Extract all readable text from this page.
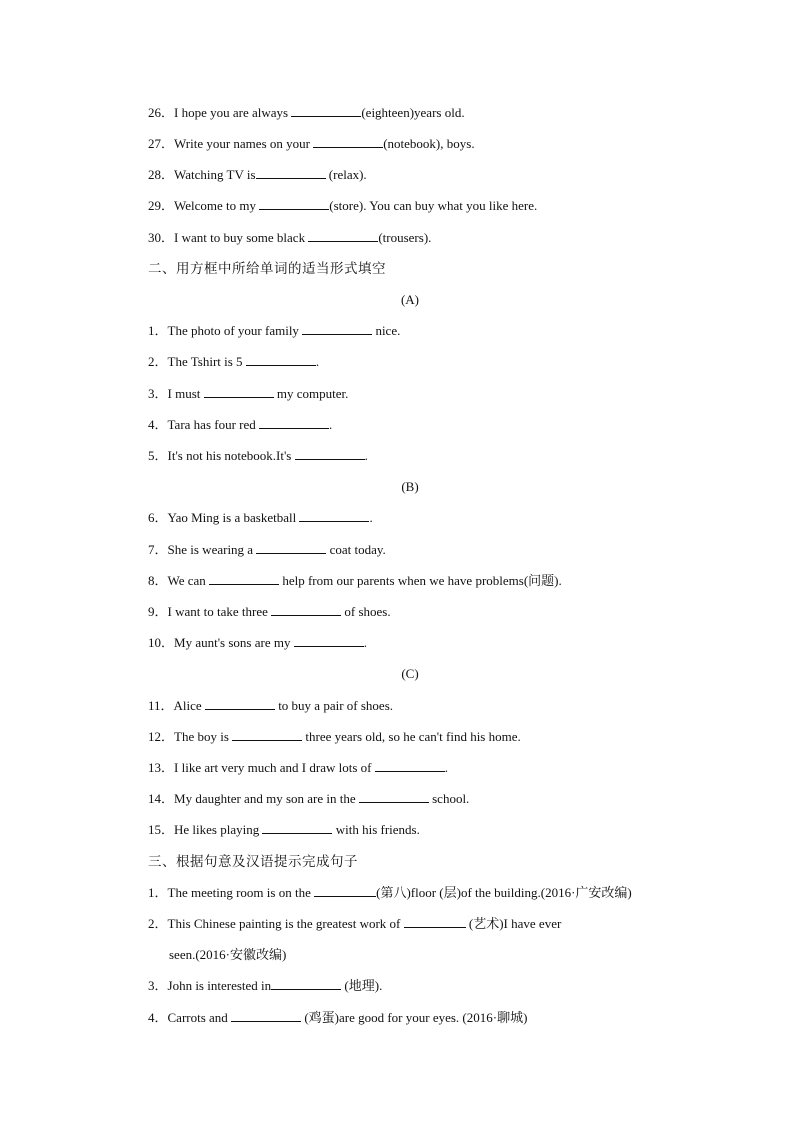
26．I hope you are always	(eighteen)years old.
27．Write your names on your	(notebook), boys.
28．Watching TV is	(relax).
29．Welcome to my	(store). You can buy what you like here.
30．I want to buy some black	(trousers).
二、用方框中所给单词的适当形式填空
(A)
1．The photo of your family	nice.
2．The Tshirt is 5	.
3．I must	my computer.
4．Tara has four red	.
5．It's not his notebook.It's	.
(B)
6．Yao Ming is a basketball	.
7．She is wearing a	coat today.
8．We can	help from our parents when we have problems(问题).
9．I want to take three	of shoes.
10．My aunt's sons are my	.
(C)
11．Alice	to buy a pair of shoes.
12．The boy is	three years old, so he can't find his home.
13．I like art very much and I draw lots of	.
14．My daughter and my son are in the	school.
15．He likes playing	with his friends.
三、根据句意及汉语提示完成句子
1．The meeting room is on the	(第八)floor (层)of the building.(2016·广安改编)
2．This Chinese painting is the greatest work of	(艺术)I have ever
seen.(2016·安徽改编)
3．John is interested in	(地理).
4．Carrots and	(鸡蛋)are good for your eyes. (2016·聊城)
